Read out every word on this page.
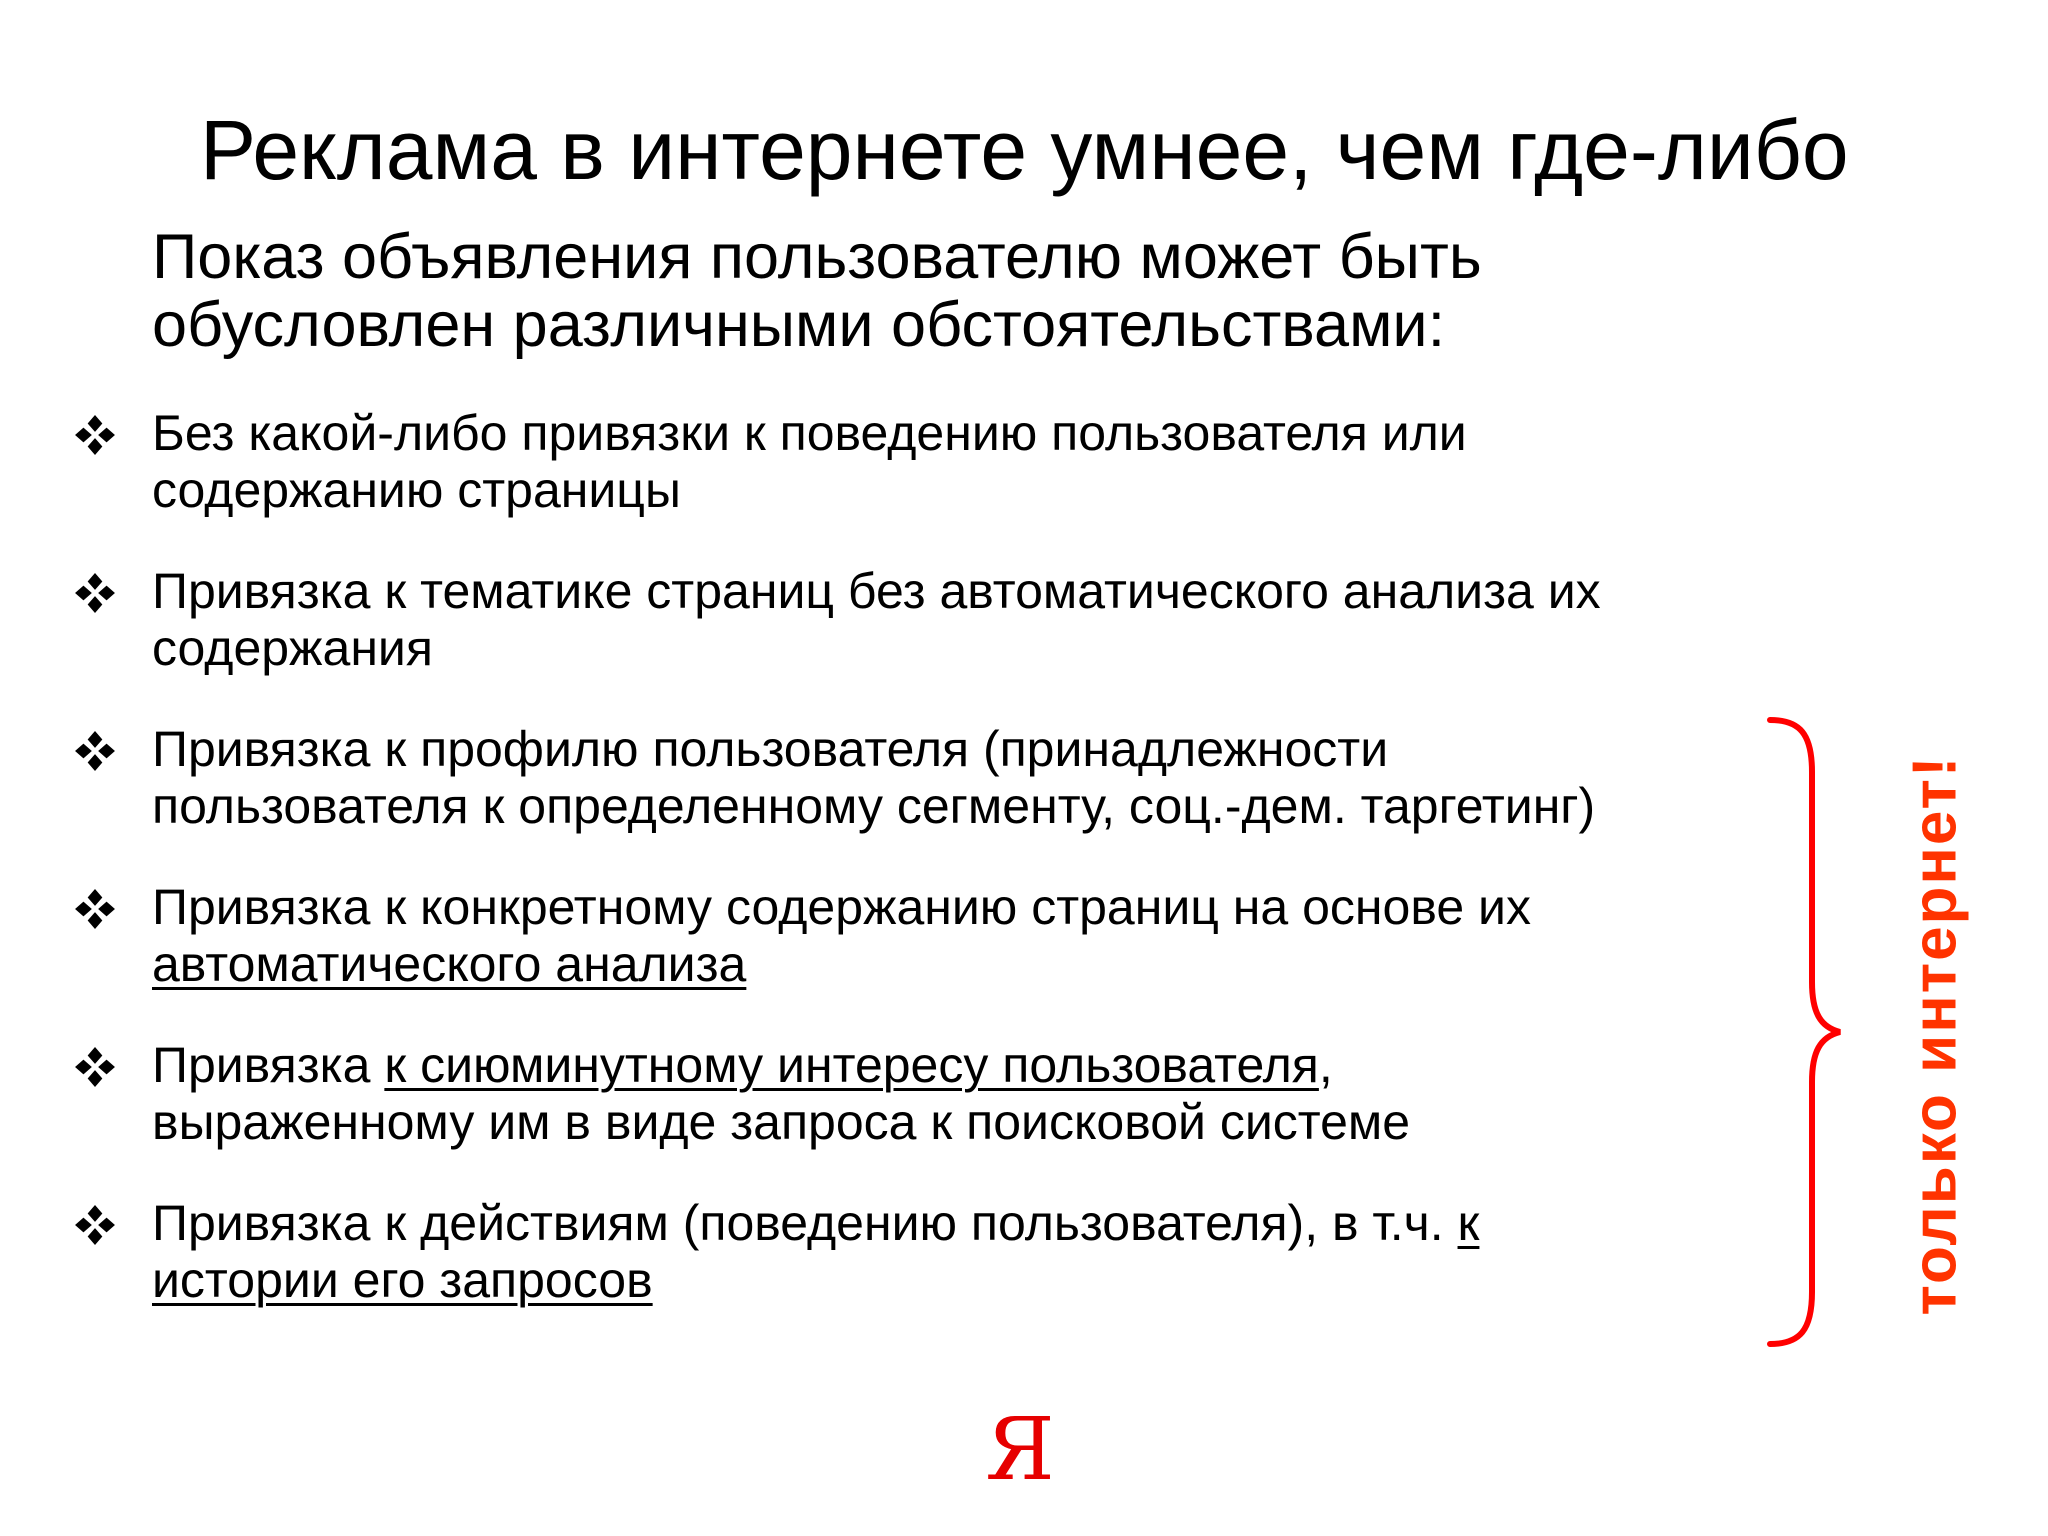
Реклама в интернете умнее, чем где-либо
Показ объявления пользователю может быть
обусловлен различными обстоятельствами:
Без какой-либо привязки к поведению пользователя или
содержанию страницы
Привязка к тематике страниц без автоматического анализа их
содержания
Привязка к профилю пользователя (принадлежности
пользователя к определенному сегменту, соц.-дем. таргетинг)
Привязка к конкретному содержанию страниц на основе их
автоматического анализа
Привязка к сиюминутному интересу пользователя,
выраженному им в виде запроса к поисковой системе
Привязка к действиям (поведению пользователя), в т.ч. к
истории его запросов	только интернет!
Я
